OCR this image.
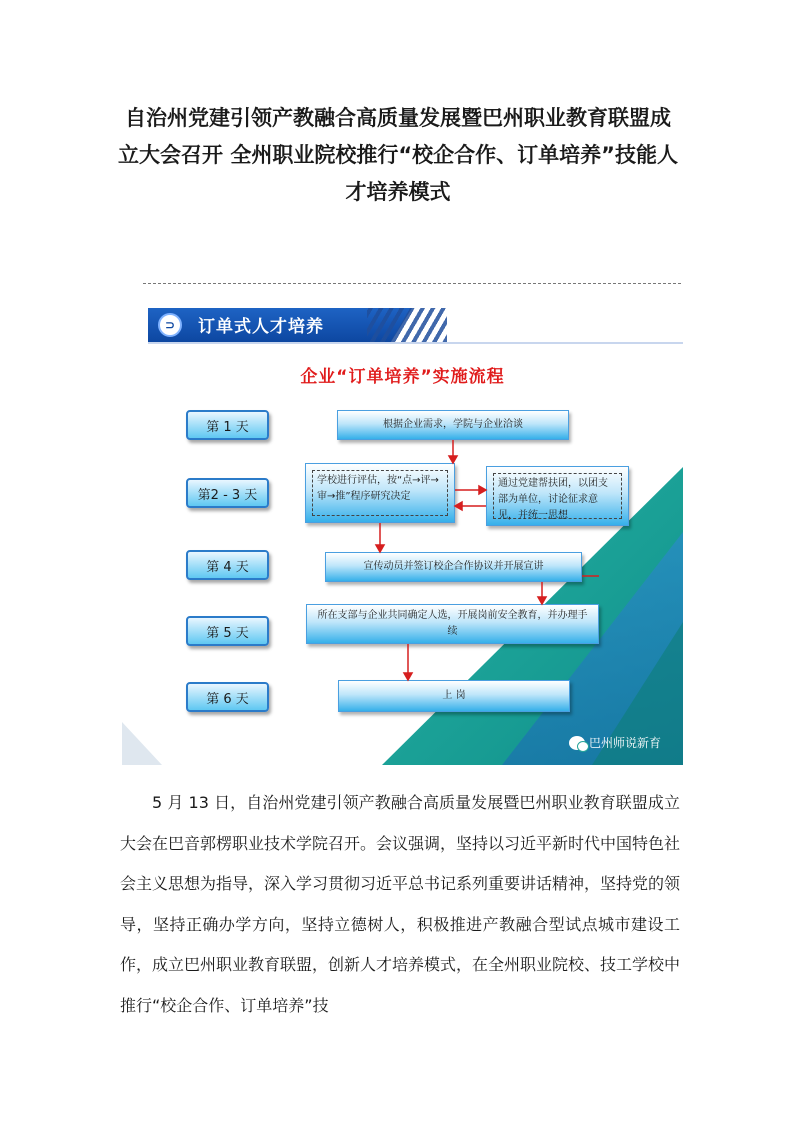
自治州党建引领产教融合高质量发展暨巴州职业教育联盟成立大会召开 全州职业院校推行“校企合作、订单培养”技能人才培养模式
⊃	订单式人才培养
企业“订单培养”实施流程
第 1 天
第2 - 3 天
第 4 天
第 5 天
第 6 天
根据企业需求，学院与企业洽谈
学校进行评估，按“点→评→审→推”程序研究决定
通过党建帮扶团，以团支部为单位，讨论征求意见，并统一思想
宣传动员并签订校企合作协议并开展宣讲
所在支部与企业共同确定人选，开展岗前安全教育，并办理手续
上 岗
巴州师说新育

5 月 13 日，自治州党建引领产教融合高质量发展暨巴州职业教育联盟成立大会在巴音郭楞职业技术学院召开。会议强调，坚持以习近平新时代中国特色社会主义思想为指导，深入学习贯彻习近平总书记系列重要讲话精神，坚持党的领导，坚持正确办学方向，坚持立德树人，积极推进产教融合型试点城市建设工作，成立巴州职业教育联盟，创新人才培养模式，在全州职业院校、技工学校中推行“校企合作、订单培养”技
